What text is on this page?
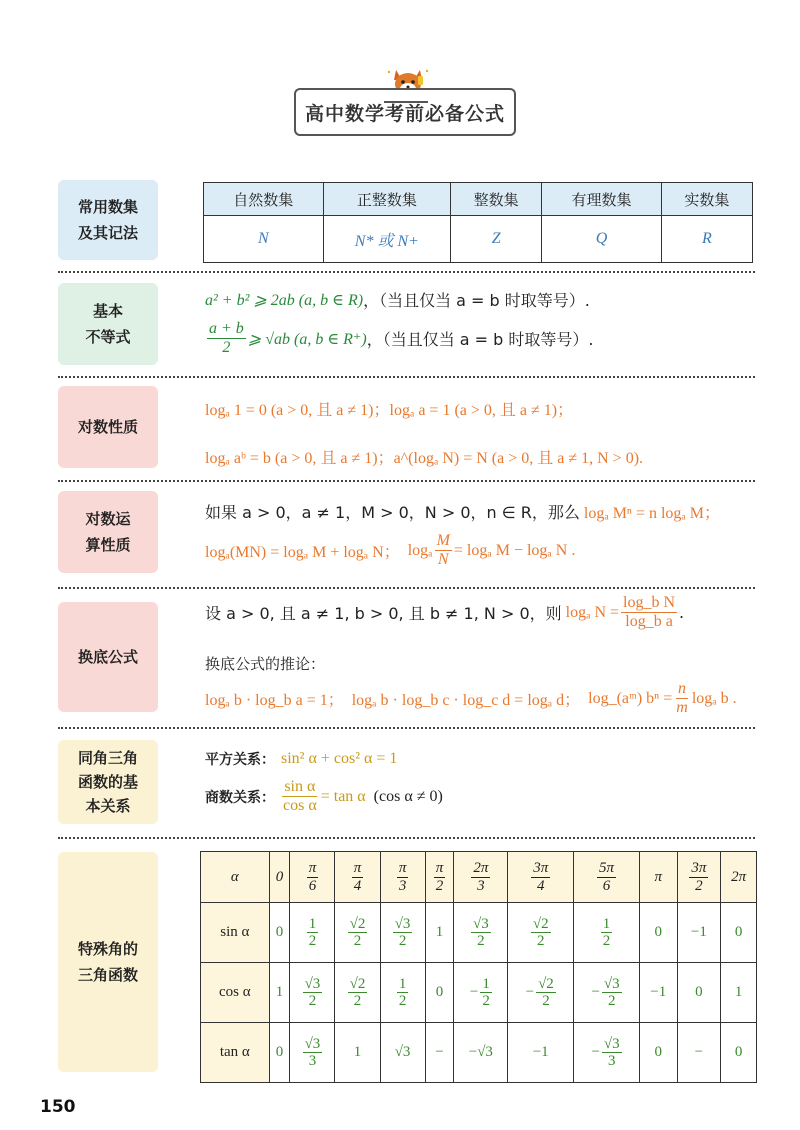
高中数学考前必备公式
常用数集
及其记法
自然数集	正整数集	整数集	有理数集	实数集
N	N* 或 N+	Z	Q	R
基本
不等式
a² + b² ⩾ 2ab (a, b ∈ R) ，（当且仅当 a = b 时取等号）.
$\frac{a + b}{2}$ ⩾ √ab (a, b ∈ R⁺) ，（当且仅当 a = b 时取等号）.
对数性质
logₐ 1 = 0 (a > 0, 且 a ≠ 1)；logₐ a = 1 (a > 0, 且 a ≠ 1)；
logₐ aᵇ = b (a > 0, 且 a ≠ 1)；a^(logₐ N) = N (a > 0, 且 a ≠ 1, N > 0).
对数运
算性质
如果 a > 0，a ≠ 1，M > 0，N > 0，n ∈ R，那么 logₐ Mⁿ = n logₐ M；
logₐ(MN) = logₐ M + logₐ N； logₐ $\frac{M}{N} = \log_a$ M − logₐ N .
换底公式
设 a > 0, 且 a ≠ 1, b > 0, 且 b ≠ 1, N > 0，则 logₐ $N = \frac{\text{log\_b N}}{\text{log\_b a}}$ .
换底公式的推论：
logₐ b · log_b a = 1； logₐ b · log_b c · log_c d = logₐ d； log_(aᵐ) $b^n = \frac{n}{m}$ logₐ b .
同角三角
函数的基
本关系
平方关系： sin² α + cos² α = 1
商数关系： $\frac{\text{sin α}}{\text{cos α}} = \tan \alpha$ (cos α ≠ 0)
特殊角的
三角函数
α	0	$\frac{\pi}{6}$	$\frac{\pi}{4}$	$\frac{\pi}{3}$	$\frac{\pi}{2}$	$\frac{2\pi}{3}$	$\frac{3\pi}{4}$	$\frac{5\pi}{6}$	π	$\frac{3\pi}{2}$	2π
sin α	0	$\frac{1}{2}$	$\frac{√2}{2}$	$\frac{√3}{2}$	1	$\frac{√3}{2}$	$\frac{√2}{2}$	$\frac{1}{2}$	0	−1	0
cos α	1	$\frac{√3}{2}$	$\frac{√2}{2}$	$\frac{1}{2}$	0	− $\frac{1}{2}$	− $\frac{√2}{2}$	− $\frac{√3}{2}$	−1	0	1
tan α	0	$\frac{√3}{3}$	1	√3	−	−√3	−1	− $\frac{√3}{3}$	0	−	0
150
